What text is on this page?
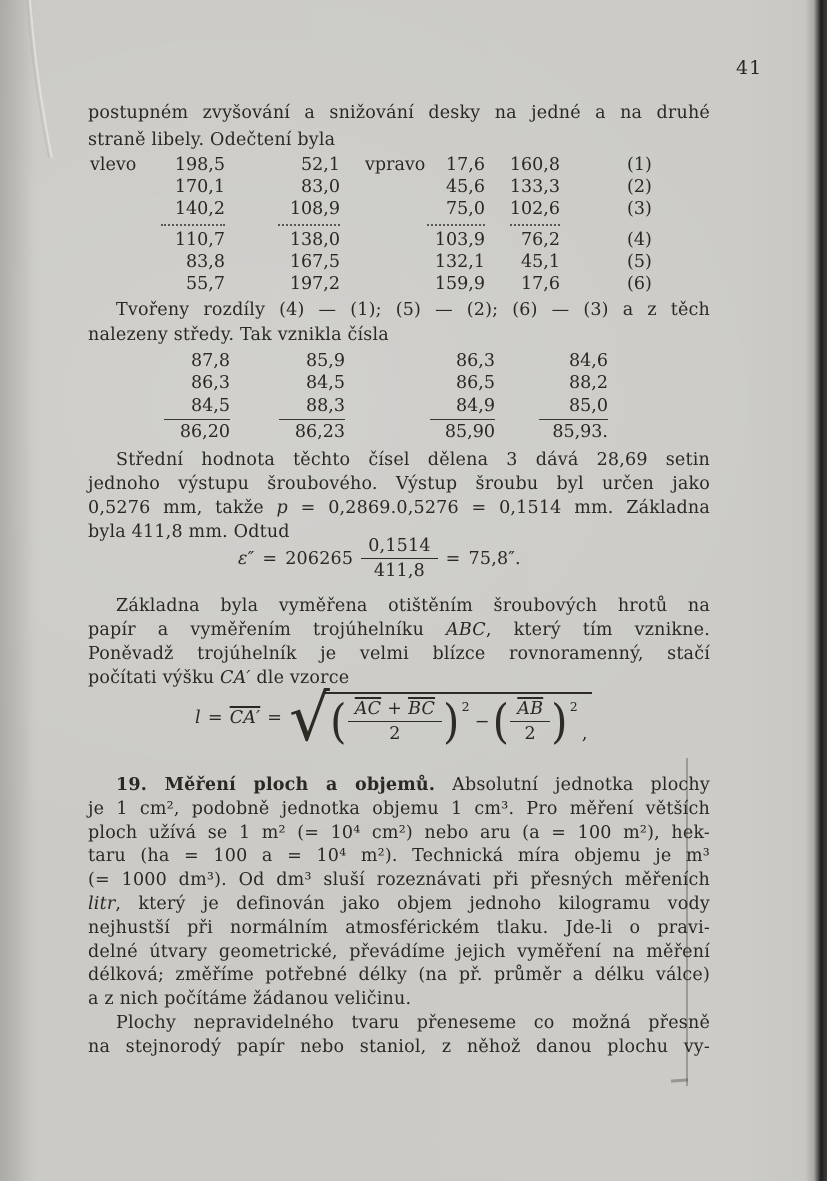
41
postupném zvyšování a snižování desky na jedné a na druhé
straně libely. Odečtení byla
vlevo	vpravo
198,5	52,1	17,6	160,8	(1)
170,1	83,0	45,6	133,3	(2)
140,2	108,9	75,0	102,6	(3)
110,7	138,0	103,9	76,2	(4)
83,8	167,5	132,1	45,1	(5)
55,7	197,2	159,9	17,6	(6)
Tvořeny rozdíly (4) — (1); (5) — (2); (6) — (3) a z těch
nalezeny středy. Tak vznikla čísla
87,8	85,9	86,3	84,6
86,3	84,5	86,5	88,2
84,5	88,3	84,9	85,0
86,20	86,23	85,90	85,93.
Střední hodnota těchto čísel dělena 3 dává 28,69 setin
jednoho výstupu šroubového. Výstup šroubu byl určen jako
0,5276 mm, takže p = 0,2869.0,5276 = 0,1514 mm. Základna
byla 411,8 mm. Odtud
$\varepsilon'' = 206265 \frac{0,1514}{411,8} = 75,8''$.
Základna byla vyměřena otištěním šroubových hrotů na
papír a vyměřením trojúhelníku ABC, který tím vznikne.
Poněvadž trojúhelník je velmi blízce rovnoramenný, stačí
počítati výšku CA′ dle vzorce
l = CA′ = √ ( $\frac{\overline{AC} + \overline{BC}}{2}$ ) 2
− ( $\frac{\overline{AB}}{2}$ ) 2
,
19. Měření ploch a objemů. Absolutní jednotka plochy
je 1 cm², podobně jednotka objemu 1 cm³. Pro měření větších
ploch užívá se 1 m² (= 10⁴ cm²) nebo aru (a = 100 m²), hek-
taru (ha = 100 a = 10⁴ m²). Technická míra objemu je m³
(= 1000 dm³). Od dm³ sluší rozeznávati při přesných měřeních
litr, který je definován jako objem jednoho kilogramu vody
nejhustší při normálním atmosférickém tlaku. Jde-li o pravi-
delné útvary geometrické, převádíme jejich vyměření na měření
délková; změříme potřebné délky (na př. průměr a délku válce)
a z nich počítáme žádanou veličinu.
Plochy nepravidelného tvaru přeneseme co možná přesně
na stejnorodý papír nebo staniol, z něhož danou plochu vy-
